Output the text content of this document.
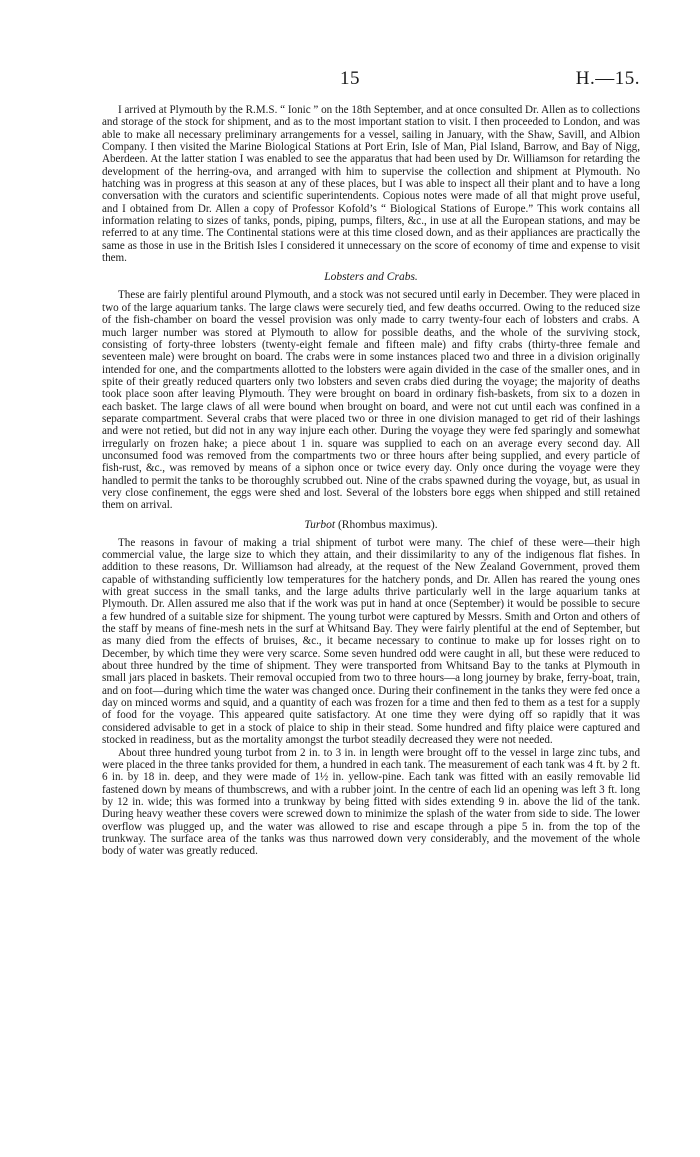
15	H.—15.

I arrived at Plymouth by the R.M.S. “ Ionic ” on the 18th September, and at once consulted Dr. Allen as to collections and storage of the stock for shipment, and as to the most important station to visit. I then proceeded to London, and was able to make all necessary preliminary arrangements for a vessel, sailing in January, with the Shaw, Savill, and Albion Company. I then visited the Marine Biological Stations at Port Erin, Isle of Man, Pial Island, Barrow, and Bay of Nigg, Aberdeen. At the latter station I was enabled to see the apparatus that had been used by Dr. Williamson for retarding the development of the herring-ova, and arranged with him to supervise the collection and shipment at Plymouth. No hatching was in progress at this season at any of these places, but I was able to inspect all their plant and to have a long conversation with the curators and scientific superintendents. Copious notes were made of all that might prove useful, and I obtained from Dr. Allen a copy of Professor Kofold’s “ Biological Stations of Europe.” This work contains all information relating to sizes of tanks, ponds, piping, pumps, filters, &c., in use at all the European stations, and may be referred to at any time. The Continental stations were at this time closed down, and as their appliances are practically the same as those in use in the British Isles I considered it unnecessary on the score of economy of time and expense to visit them.

Lobsters and Crabs.

These are fairly plentiful around Plymouth, and a stock was not secured until early in December. They were placed in two of the large aquarium tanks. The large claws were securely tied, and few deaths occurred. Owing to the reduced size of the fish-chamber on board the vessel provision was only made to carry twenty-four each of lobsters and crabs. A much larger number was stored at Plymouth to allow for possible deaths, and the whole of the surviving stock, consisting of forty-three lobsters (twenty-eight female and fifteen male) and fifty crabs (thirty-three female and seventeen male) were brought on board. The crabs were in some instances placed two and three in a division originally intended for one, and the compartments allotted to the lobsters were again divided in the case of the smaller ones, and in spite of their greatly reduced quarters only two lobsters and seven crabs died during the voyage; the majority of deaths took place soon after leaving Plymouth. They were brought on board in ordinary fish-baskets, from six to a dozen in each basket. The large claws of all were bound when brought on board, and were not cut until each was confined in a separate compartment. Several crabs that were placed two or three in one division managed to get rid of their lashings and were not retied, but did not in any way injure each other. During the voyage they were fed sparingly and somewhat irregularly on frozen hake; a piece about 1 in. square was supplied to each on an average every second day. All unconsumed food was removed from the compartments two or three hours after being supplied, and every particle of fish-rust, &c., was removed by means of a siphon once or twice every day. Only once during the voyage were they handled to permit the tanks to be thoroughly scrubbed out. Nine of the crabs spawned during the voyage, but, as usual in very close confinement, the eggs were shed and lost. Several of the lobsters bore eggs when shipped and still retained them on arrival.

Turbot (Rhombus maximus).

The reasons in favour of making a trial shipment of turbot were many. The chief of these were—their high commercial value, the large size to which they attain, and their dissimilarity to any of the indigenous flat fishes. In addition to these reasons, Dr. Williamson had already, at the request of the New Zealand Government, proved them capable of withstanding sufficiently low temperatures for the hatchery ponds, and Dr. Allen has reared the young ones with great success in the small tanks, and the large adults thrive particularly well in the large aquarium tanks at Plymouth. Dr. Allen assured me also that if the work was put in hand at once (September) it would be possible to secure a few hundred of a suitable size for shipment. The young turbot were captured by Messrs. Smith and Orton and others of the staff by means of fine-mesh nets in the surf at Whitsand Bay. They were fairly plentiful at the end of September, but as many died from the effects of bruises, &c., it became necessary to continue to make up for losses right on to December, by which time they were very scarce. Some seven hundred odd were caught in all, but these were reduced to about three hundred by the time of shipment. They were transported from Whitsand Bay to the tanks at Plymouth in small jars placed in baskets. Their removal occupied from two to three hours—a long journey by brake, ferry-boat, train, and on foot—during which time the water was changed once. During their confinement in the tanks they were fed once a day on minced worms and squid, and a quantity of each was frozen for a time and then fed to them as a test for a supply of food for the voyage. This appeared quite satisfactory. At one time they were dying off so rapidly that it was considered advisable to get in a stock of plaice to ship in their stead. Some hundred and fifty plaice were captured and stocked in readiness, but as the mortality amongst the turbot steadily decreased they were not needed.

About three hundred young turbot from 2 in. to 3 in. in length were brought off to the vessel in large zinc tubs, and were placed in the three tanks provided for them, a hundred in each tank. The measurement of each tank was 4 ft. by 2 ft. 6 in. by 18 in. deep, and they were made of 1½ in. yellow-pine. Each tank was fitted with an easily removable lid fastened down by means of thumbscrews, and with a rubber joint. In the centre of each lid an opening was left 3 ft. long by 12 in. wide; this was formed into a trunkway by being fitted with sides extending 9 in. above the lid of the tank. During heavy weather these covers were screwed down to minimize the splash of the water from side to side. The lower overflow was plugged up, and the water was allowed to rise and escape through a pipe 5 in. from the top of the trunkway. The surface area of the tanks was thus narrowed down very considerably, and the movement of the whole body of water was greatly reduced.
